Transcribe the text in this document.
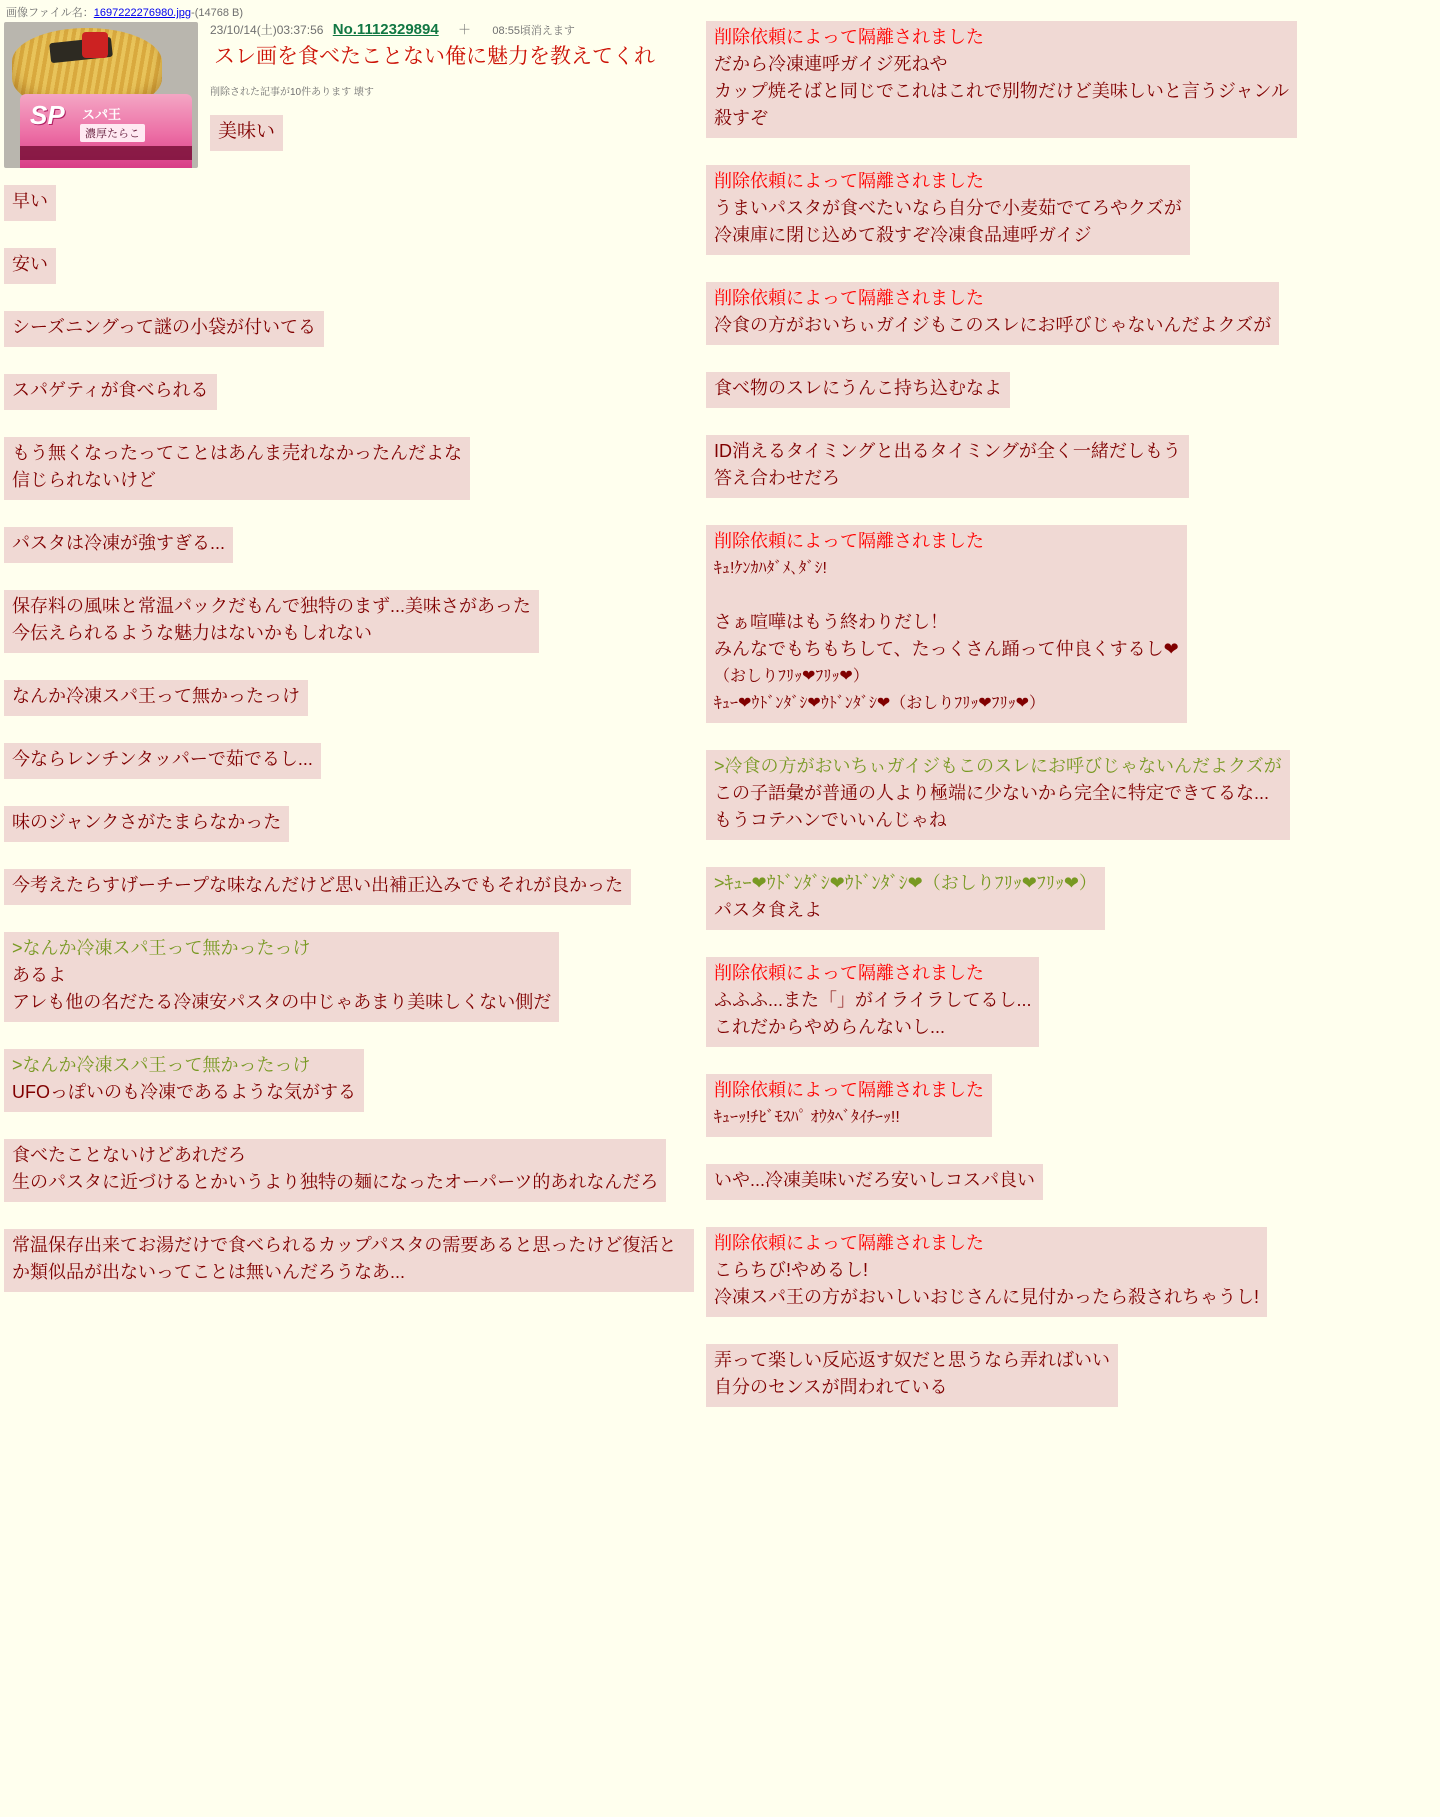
画像ファイル名：1697222276980.jpg-(14768 B)
SP スパ王
濃厚たらこ
23/10/14(土)03:37:56 No.1112329894 ＋ 08:55頃消えます
スレ画を食べたことない俺に魅力を教えてくれ
削除された記事が10件あります 壊す
美味い
早い
安い
シーズニングって謎の小袋が付いてる
スパゲティが食べられる
もう無くなったってことはあんま売れなかったんだよな
信じられないけど
パスタは冷凍が強すぎる...
保存料の風味と常温パックだもんで独特のまず...美味さがあった
今伝えられるような魅力はないかもしれない
なんか冷凍スパ王って無かったっけ
今ならレンチンタッパーで茹でるし...
味のジャンクさがたまらなかった
今考えたらすげーチープな味なんだけど思い出補正込みでもそれが良かった
>なんか冷凍スパ王って無かったっけ
あるよ
アレも他の名だたる冷凍安パスタの中じゃあまり美味しくない側だ
>なんか冷凍スパ王って無かったっけ
UFOっぽいのも冷凍であるような気がする
食べたことないけどあれだろ
生のパスタに近づけるとかいうより独特の麺になったオーパーツ的あれなんだろ
常温保存出来てお湯だけで食べられるカップパスタの需要あると思ったけど復活とか類似品が出ないってことは無いんだろうなあ...
削除依頼によって隔離されました
だから冷凍連呼ガイジ死ねや
カップ焼そばと同じでこれはこれで別物だけど美味しいと言うジャンル
殺すぞ
削除依頼によって隔離されました
うまいパスタが食べたいなら自分で小麦茹でてろやクズが
冷凍庫に閉じ込めて殺すぞ冷凍食品連呼ガイジ
削除依頼によって隔離されました
冷食の方がおいちぃガイジもこのスレにお呼びじゃないんだよクズが
食べ物のスレにうんこ持ち込むなよ
ID消えるタイミングと出るタイミングが全く一緒だしもう
答え合わせだろ
削除依頼によって隔離されました
ｷｭ!ｹﾝｶﾊﾀﾞﾒ､ﾀﾞｼ!

さぁ喧嘩はもう終わりだし！
みんなでもちもちして、たっくさん踊って仲良くするし❤
（おしりﾌﾘｯ❤ﾌﾘｯ❤）
ｷｭｰ❤ｳﾄﾞﾝﾀﾞｼ❤ｳﾄﾞﾝﾀﾞｼ❤（おしりﾌﾘｯ❤ﾌﾘｯ❤）
>冷食の方がおいちぃガイジもこのスレにお呼びじゃないんだよクズが
この子語彙が普通の人より極端に少ないから完全に特定できてるな...
もうコテハンでいいんじゃね
>ｷｭｰ❤ｳﾄﾞﾝﾀﾞｼ❤ｳﾄﾞﾝﾀﾞｼ❤（おしりﾌﾘｯ❤ﾌﾘｯ❤）
パスタ食えよ
削除依頼によって隔離されました
ふふふ...また「」がイライラしてるし...
これだからやめらんないし...
削除依頼によって隔離されました
ｷｭｰｯ!ﾁﾋﾞﾓｽﾊﾟ ｵｳﾀﾍﾞﾀｲﾁｰｯ!!
いや...冷凍美味いだろ安いしコスパ良い
削除依頼によって隔離されました
こらちび!やめるし!
冷凍スパ王の方がおいしいおじさんに見付かったら殺されちゃうし!
弄って楽しい反応返す奴だと思うなら弄ればいい
自分のセンスが問われている
